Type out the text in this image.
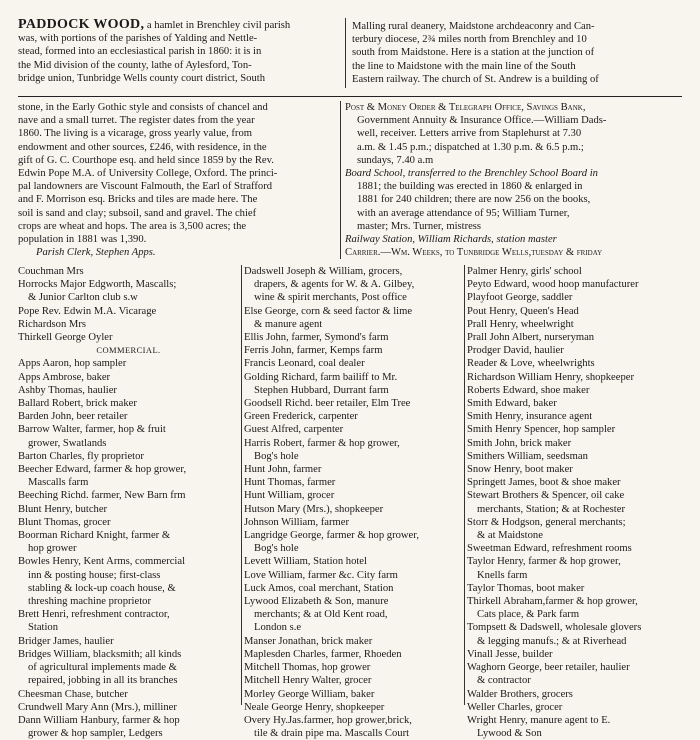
PADDOCK WOOD, a hamlet in Brenchley civil parish
was, with portions of the parishes of Yalding and Nettle-
stead, formed into an ecclesiastical parish in 1860: it is in
the Mid division of the county, lathe of Aylesford, Ton-
bridge union, Tunbridge Wells county court district, South
Malling rural deanery, Maidstone archdeaconry and Can-
terbury diocese, 2¾ miles north from Brenchley and 10
south from Maidstone. Here is a station at the junction of
the line to Maidstone with the main line of the South
Eastern railway. The church of St. Andrew is a building of
stone, in the Early Gothic style and consists of chancel and
nave and a small turret. The register dates from the year
1860. The living is a vicarage, gross yearly value, from
endowment and other sources, £246, with residence, in the
gift of G. C. Courthope esq. and held since 1859 by the Rev.
Edwin Pope M.A. of University College, Oxford. The princi-
pal landowners are Viscount Falmouth, the Earl of Strafford
and F. Morrison esq. Bricks and tiles are made here. The
soil is sand and clay; subsoil, sand and gravel. The chief
crops are wheat and hops. The area is 3,500 acres; the
population in 1881 was 1,390.
Parish Clerk, Stephen Apps.
Post & Money Order & Telegraph Office, Savings Bank,
Government Annuity & Insurance Office.—William Dads-
well, receiver. Letters arrive from Staplehurst at 7.30
a.m. & 1.45 p.m.; dispatched at 1.30 p.m. & 6.5 p.m.;
sundays, 7.40 a.m
Board School, transferred to the Brenchley School Board in
1881; the building was erected in 1860 & enlarged in
1881 for 240 children; there are now 256 on the books,
with an average attendance of 95; William Turner,
master; Mrs. Turner, mistress
Railway Station, William Richards, station master
Carrier.—Wm. Weeks, to Tunbridge Wells,tuesday & friday
Couchman Mrs
Horrocks Major Edgworth, Mascalls;
& Junior Carlton club s.w
Pope Rev. Edwin M.A. Vicarage
Richardson Mrs
Thirkell George Oyler
COMMERCIAL.
Apps Aaron, hop sampler
Apps Ambrose, baker
Ashby Thomas, haulier
Ballard Robert, brick maker
Barden John, beer retailer
Barrow Walter, farmer, hop & fruit
grower, Swatlands
Barton Charles, fly proprietor
Beecher Edward, farmer & hop grower,
Mascalls farm
Beeching Richd. farmer, New Barn frm
Blunt Henry, butcher
Blunt Thomas, grocer
Boorman Richard Knight, farmer &
hop grower
Bowles Henry, Kent Arms, commercial
inn & posting house; first-class
stabling & lock-up coach house, &
threshing machine proprietor
Brett Henri, refreshment contractor,
Station
Bridger James, haulier
Bridges William, blacksmith; all kinds
of agricultural implements made &
repaired, jobbing in all its branches
Cheesman Chase, butcher
Crundwell Mary Ann (Mrs.), milliner
Dann William Hanbury, farmer & hop
grower & hop sampler, Ledgers
Dadswell Joseph & William, grocers,
drapers, & agents for W. & A. Gilbey,
wine & spirit merchants, Post office
Else George, corn & seed factor & lime
& manure agent
Ellis John, farmer, Symond's farm
Ferris John, farmer, Kemps farm
Francis Leonard, coal dealer
Golding Richard, farm bailiff to Mr.
Stephen Hubbard, Durrant farm
Goodsell Richd. beer retailer, Elm Tree
Green Frederick, carpenter
Guest Alfred, carpenter
Harris Robert, farmer & hop grower,
Bog's hole
Hunt John, farmer
Hunt Thomas, farmer
Hunt William, grocer
Hutson Mary (Mrs.), shopkeeper
Johnson William, farmer
Langridge George, farmer & hop grower,
Bog's hole
Levett William, Station hotel
Love William, farmer &c. City farm
Luck Amos, coal merchant, Station
Lywood Elizabeth & Son, manure
merchants; & at Old Kent road,
London s.e
Manser Jonathan, brick maker
Maplesden Charles, farmer, Rhoeden
Mitchell Thomas, hop grower
Mitchell Henry Walter, grocer
Morley George William, baker
Neale George Henry, shopkeeper
Overy Hy.Jas.farmer, hop grower,brick,
tile & drain pipe ma. Mascalls Court
Palmer Henry, girls' school
Peyto Edward, wood hoop manufacturer
Playfoot George, saddler
Pout Henry, Queen's Head
Prall Henry, wheelwright
Prall John Albert, nurseryman
Prodger David, haulier
Reader & Love, wheelwrights
Richardson William Henry, shopkeeper
Roberts Edward, shoe maker
Smith Edward, baker
Smith Henry, insurance agent
Smith Henry Spencer, hop sampler
Smith John, brick maker
Smithers William, seedsman
Snow Henry, boot maker
Springett James, boot & shoe maker
Stewart Brothers & Spencer, oil cake
merchants, Station; & at Rochester
Storr & Hodgson, general merchants;
& at Maidstone
Sweetman Edward, refreshment rooms
Taylor Henry, farmer & hop grower,
Knells farm
Taylor Thomas, boot maker
Thirkell Abraham,farmer & hop grower,
Cats place, & Park farm
Tompsett & Dadswell, wholesale glovers
& legging manufs.; & at Riverhead
Vinall Jesse, builder
Waghorn George, beer retailer, haulier
& contractor
Walder Brothers, grocers
Weller Charles, grocer
Wright Henry, manure agent to E.
Lywood & Son
